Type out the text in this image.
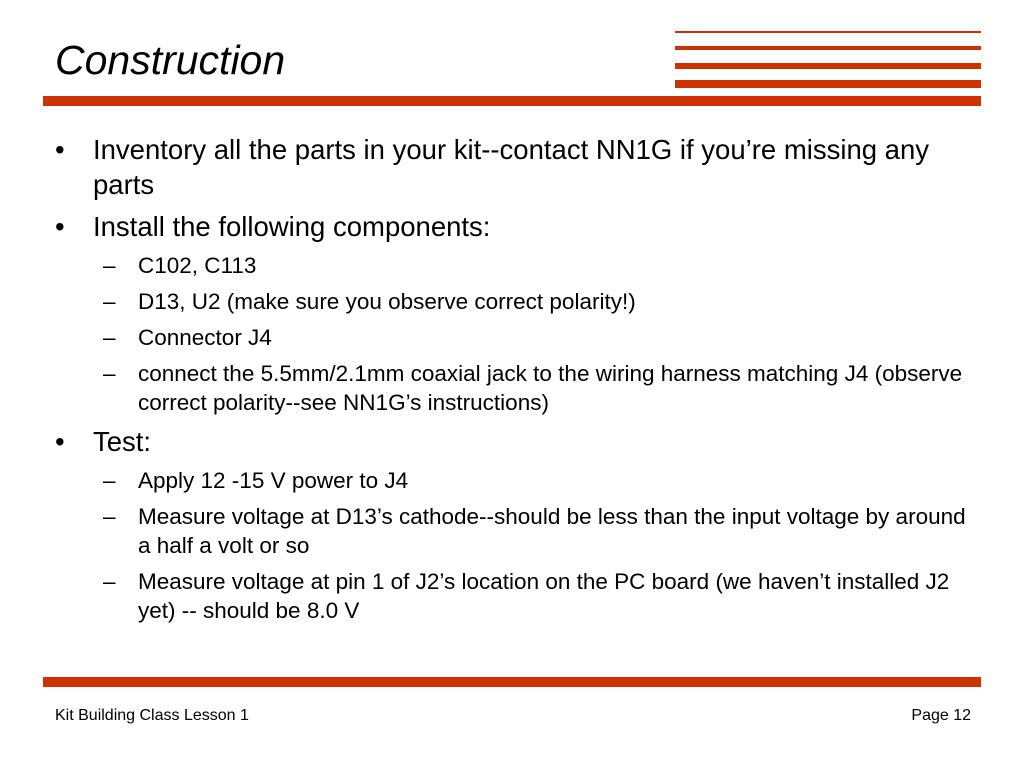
Construction
• Inventory all the parts in your kit--contact NN1G if you’re missing any parts
• Install the following components:
– C102, C113
– D13, U2 (make sure you observe correct polarity!)
– Connector J4
– connect the 5.5mm/2.1mm coaxial jack to the wiring harness matching J4 (observe correct polarity--see NN1G’s instructions)
• Test:
– Apply 12 -15 V power to J4
– Measure voltage at D13’s cathode--should be less than the input voltage by around a half a volt or so
– Measure voltage at pin 1 of J2’s location on the PC board (we haven’t installed J2 yet) -- should be 8.0 V
Kit Building Class Lesson 1	Page 12
